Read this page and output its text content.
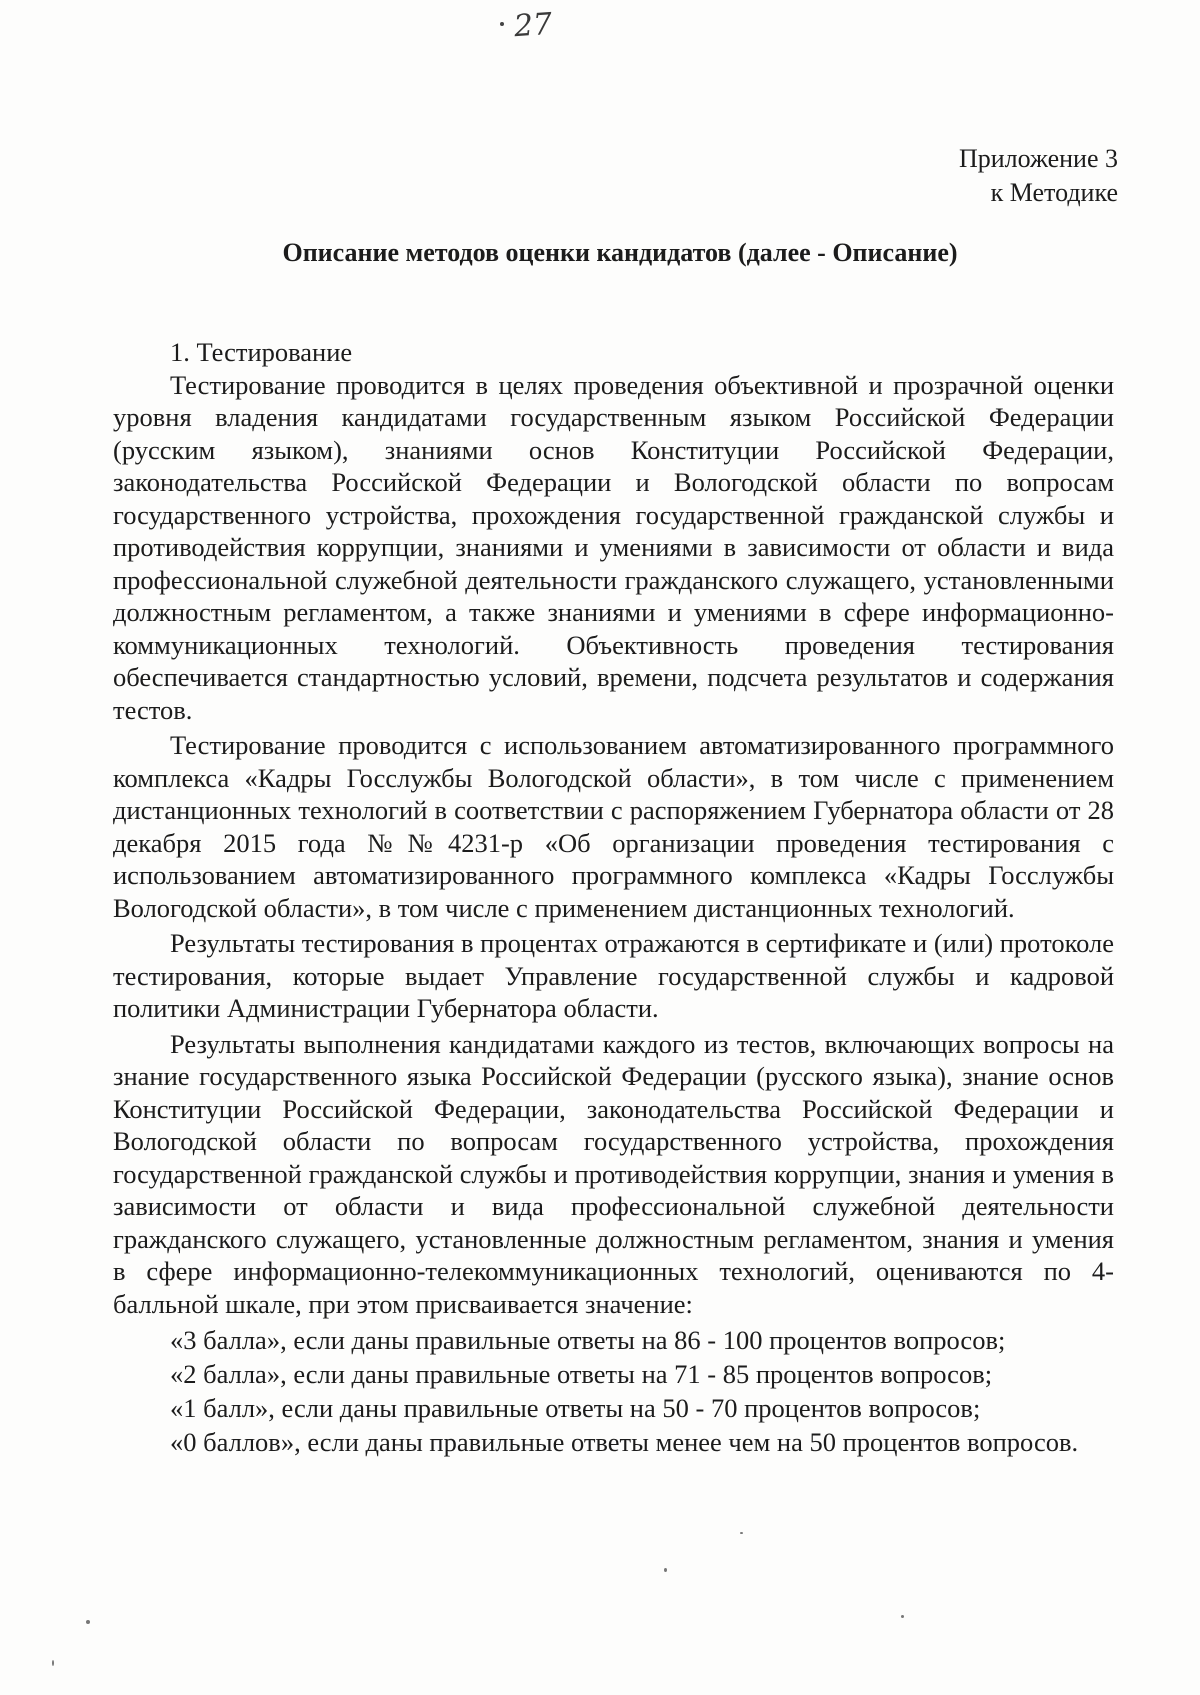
27
Приложение 3
к Методике
Описание методов оценки кандидатов (далее - Описание)

1. Тестирование

Тестирование проводится в целях проведения объективной и прозрачной оценки уровня владения кандидатами государственным языком Российской Федерации (русским языком), знаниями основ Конституции Российской Федерации, законодательства Российской Федерации и Вологодской области по вопросам государственного устройства, прохождения государственной гражданской службы и противодействия коррупции, знаниями и умениями в зависимости от области и вида профессиональной служебной деятельности гражданского служащего, установленными должностным регламентом, а также знаниями и умениями в сфере информационно-коммуникационных технологий. Объективность проведения тестирования обеспечивается стандартностью условий, времени, подсчета результатов и содержания тестов.

Тестирование проводится с использованием автоматизированного программного комплекса «Кадры Госслужбы Вологодской области», в том числе с применением дистанционных технологий в соответствии с распоряжением Губернатора области от 28 декабря 2015 года №№4231-р «Об организации проведения тестирования с использованием автоматизированного программного комплекса «Кадры Госслужбы Вологодской области», в том числе с применением дистанционных технологий.

Результаты тестирования в процентах отражаются в сертификате и (или) протоколе тестирования, которые выдает Управление государственной службы и кадровой политики Администрации Губернатора области.

Результаты выполнения кандидатами каждого из тестов, включающих вопросы на знание государственного языка Российской Федерации (русского языка), знание основ Конституции Российской Федерации, законодательства Российской Федерации и Вологодской области по вопросам государственного устройства, прохождения государственной гражданской службы и противодействия коррупции, знания и умения в зависимости от области и вида профессиональной служебной деятельности гражданского служащего, установленные должностным регламентом, знания и умения в сфере информационно-телекоммуникационных технологий, оцениваются по 4-балльной шкале, при этом присваивается значение:

«3 балла», если даны правильные ответы на 86 - 100 процентов вопросов;
«2 балла», если даны правильные ответы на 71 - 85 процентов вопросов;
«1 балл», если даны правильные ответы на 50 - 70 процентов вопросов;
«0 баллов», если даны правильные ответы менее чем на 50 процентов вопросов.
